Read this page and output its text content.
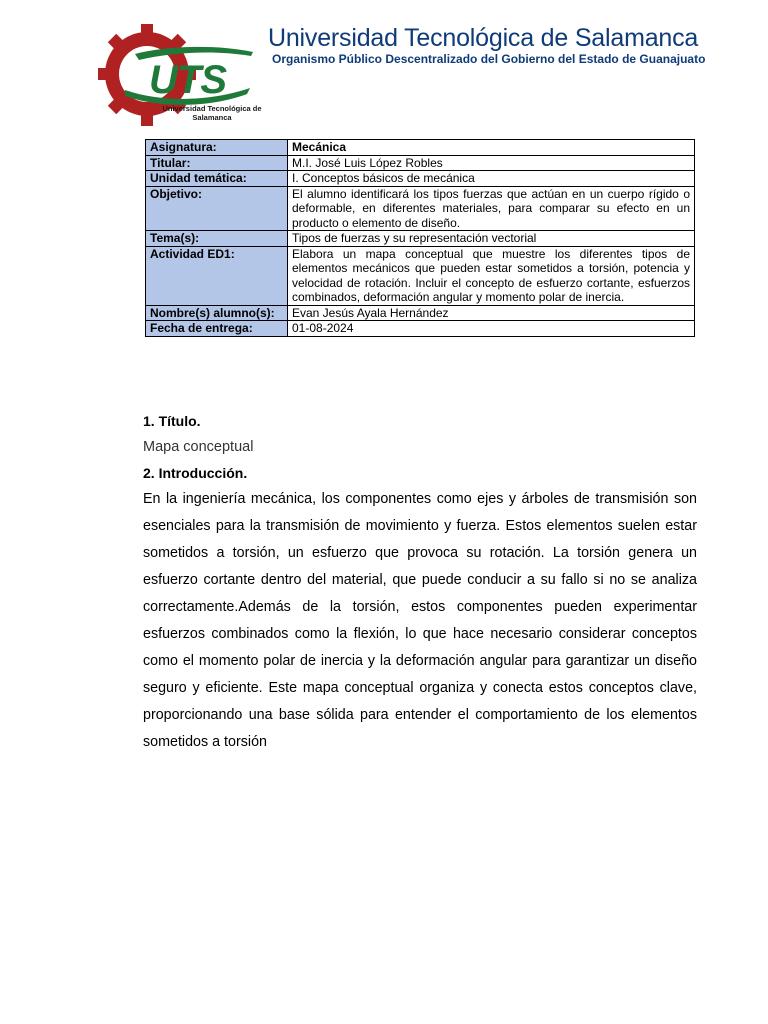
UTS
Universidad Tecnológica de Salamanca
Universidad Tecnológica de Salamanca
Organismo Público Descentralizado del Gobierno del Estado de Guanajuato
Asignatura:	Mecánica
Titular:	M.I. José Luis López Robles
Unidad temática:	I. Conceptos básicos de mecánica
Objetivo:	El alumno identificará los tipos fuerzas que actúan en un cuerpo rígido o deformable, en diferentes materiales, para comparar su efecto en un producto o elemento de diseño.
Tema(s):	Tipos de fuerzas y su representación vectorial
Actividad ED1:	Elabora un mapa conceptual que muestre los diferentes tipos de elementos mecánicos que pueden estar sometidos a torsión, potencia y velocidad de rotación. Incluir el concepto de esfuerzo cortante, esfuerzos combinados, deformación angular y momento polar de inercia.
Nombre(s) alumno(s):	Evan Jesús Ayala Hernández
Fecha de entrega:	01-08-2024

1. Título.

Mapa conceptual

2. Introducción.

En la ingeniería mecánica, los componentes como ejes y árboles de transmisión son esenciales para la transmisión de movimiento y fuerza. Estos elementos suelen estar sometidos a torsión, un esfuerzo que provoca su rotación. La torsión genera un esfuerzo cortante dentro del material, que puede conducir a su fallo si no se analiza correctamente.Además de la torsión, estos componentes pueden experimentar esfuerzos combinados como la flexión, lo que hace necesario considerar conceptos como el momento polar de inercia y la deformación angular para garantizar un diseño seguro y eficiente. Este mapa conceptual organiza y conecta estos conceptos clave, proporcionando una base sólida para entender el comportamiento de los elementos sometidos a torsión
